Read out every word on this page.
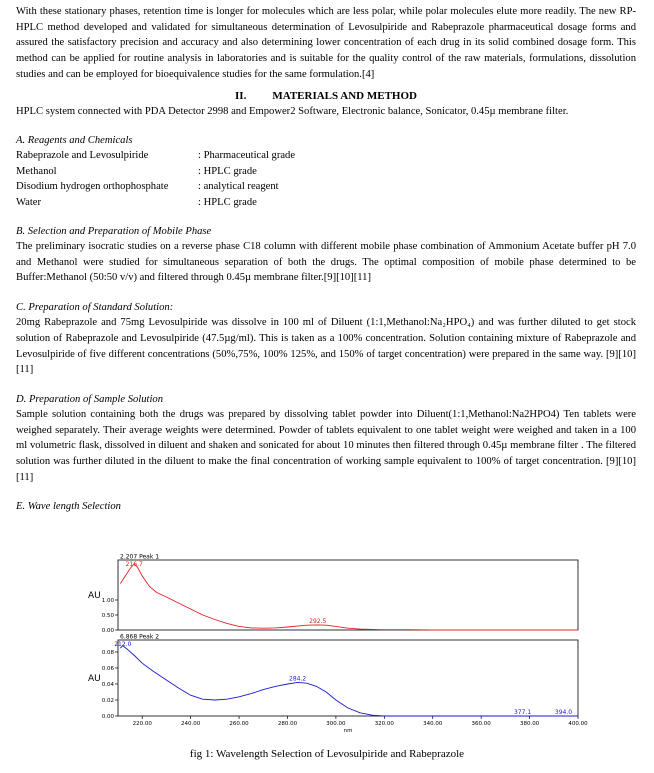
With these stationary phases, retention time is longer for molecules which are less polar, while polar molecules elute more readily. The new RP-HPLC method developed and validated for simultaneous determination of Levosulpiride and Rabeprazole pharmaceutical dosage forms and assured the satisfactory precision and accuracy and also determining lower concentration of each drug in its solid combined dosage form. This method can be applied for routine analysis in laboratories and is suitable for the quality control of the raw materials, formulations, dissolution studies and can be employed for bioequivalence studies for the same formulation.[4]

II. MATERIALS AND METHOD

HPLC system connected with PDA Detector 2998 and Empower2 Software, Electronic balance, Sonicator, 0.45µ membrane filter.

A. Reagents and Chemicals

Rabeprazole and Levosulpiride	: Pharmaceutical grade
Methanol	: HPLC grade
Disodium hydrogen orthophosphate	: analytical reagent
Water	: HPLC grade

B. Selection and Preparation of Mobile Phase

The preliminary isocratic studies on a reverse phase C18 column with different mobile phase combination of Ammonium Acetate buffer pH 7.0 and Methanol were studied for simultaneous separation of both the drugs. The optimal composition of mobile phase determined to be Buffer:Methanol (50:50 v/v) and filtered through 0.45µ membrane filter.[9][10][11]

C. Preparation of Standard Solution:

20mg Rabeprazole and 75mg Levosulpiride was dissolve in 100 ml of Diluent (1:1,Methanol:Na₂HPO₄) and was further diluted to get stock solution of Rabeprazole and Levosulpiride (47.5µg/ml). This is taken as a 100% concentration. Solution containing mixture of Rabeprazole and Levosulpiride of five different concentrations (50%,75%, 100% 125%, and 150% of target concentration) were prepared in the same way. [9][10][11]

D. Preparation of Sample Solution

Sample solution containing both the drugs was prepared by dissolving tablet powder into Diluent(1:1,Methanol:Na2HPO4) Ten tablets were weighed separately. Their average weights were determined. Powder of tablets equivalent to one tablet weight were weighed and taken in a 100 ml volumetric flask, dissolved in diluent and shaken and sonicated for about 10 minutes then filtered through 0.45µ membrane filter . The filtered solution was further diluted in the diluent to make the final concentration of working sample equivalent to 100% of target concentration. [9][10][11]

E. Wave length Selection

2.207 Peak 1
AU
0.00
0.50
1.00
216.7
292.5
6.868 Peak 2
AU
0.00
0.02
0.04
0.06
0.08
212.0
284.2
377.1	394.0
220.00	240.00	260.00	280.00	300.00	320.00	340.00	360.00	380.00	400.00
nm
fig 1: Wavelength Selection of Levosulpiride and Rabeprazole
